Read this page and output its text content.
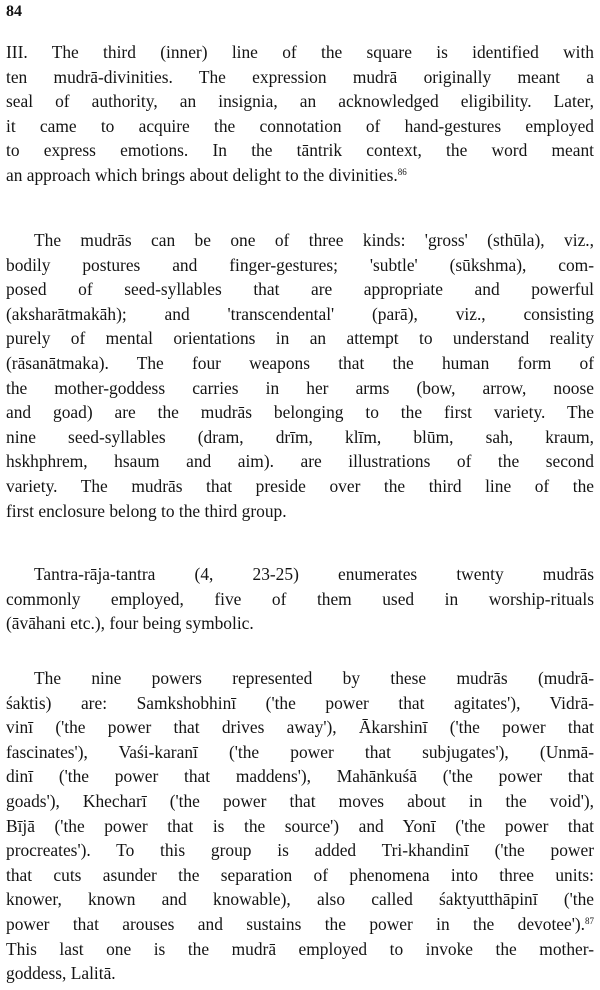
84

III. The third (inner) line of the square is identified with
ten mudrā-divinities. The expression mudrā originally meant a
seal of authority, an insignia, an acknowledged eligibility. Later,
it came to acquire the connotation of hand-gestures employed
to express emotions. In the tāntrik context, the word meant
an approach which brings about delight to the divinities.$^{86}$

The mudrās can be one of three kinds: 'gross' (sthūla), viz.,
bodily postures and finger-gestures; 'subtle' (sūkshma), com-
posed of seed-syllables that are appropriate and powerful
(aksharātmakāh); and 'transcendental' (parā), viz., consisting
purely of mental orientations in an attempt to understand reality
(rāsanātmaka). The four weapons that the human form of
the mother-goddess carries in her arms (bow, arrow, noose
and goad) are the mudrās belonging to the first variety. The
nine seed-syllables (dram, drīm, klīm, blūm, sah, kraum,
hskhphrem, hsaum and aim). are illustrations of the second
variety. The mudrās that preside over the third line of the
first enclosure belong to the third group.

Tantra-rāja-tantra (4, 23-25) enumerates twenty mudrās
commonly employed, five of them used in worship-rituals
(āvāhani etc.), four being symbolic.

The nine powers represented by these mudrās (mudrā-
śaktis) are: Samkshobhinī ('the power that agitates'), Vidrā-
vinī ('the power that drives away'), Ākarshinī ('the power that
fascinates'), Vaśi-karanī ('the power that subjugates'), (Unmā-
dinī ('the power that maddens'), Mahānkuśā ('the power that
goads'), Khecharī ('the power that moves about in the void'),
Bījā ('the power that is the source') and Yonī ('the power that
procreates'). To this group is added Tri-khandinī ('the power
that cuts asunder the separation of phenomena into three units:
knower, known and knowable), also called śaktyutthāpinī ('the
power that arouses and sustains the power in the devotee').$^{87}$
This last one is the mudrā employed to invoke the mother-
goddess, Lalitā.
